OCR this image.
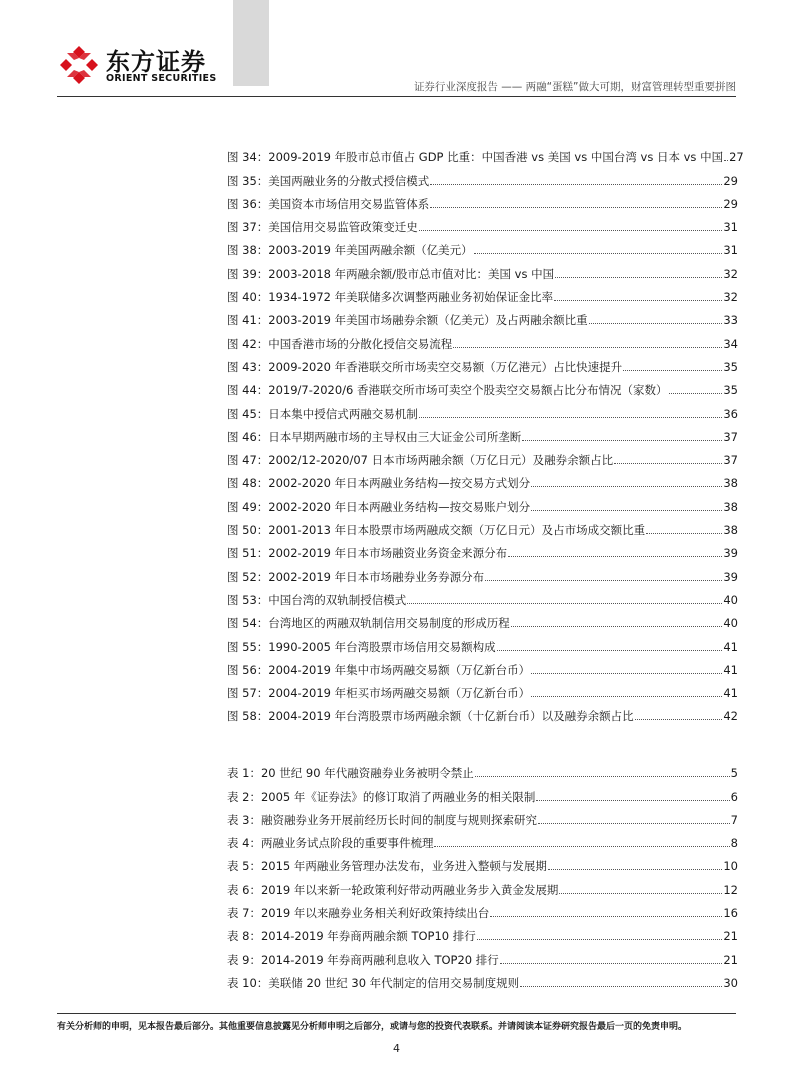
东方证券
ORIENT SECURITIES
证券行业深度报告 —— 两融“蛋糕”做大可期，财富管理转型重要拼图
图 34：2009-2019 年股市总市值占 GDP 比重：中国香港 vs 美国 vs 中国台湾 vs 日本 vs 中国 27
图 35：美国两融业务的分散式授信模式	29
图 36：美国资本市场信用交易监管体系	29
图 37：美国信用交易监管政策变迁史	31
图 38：2003-2019 年美国两融余额（亿美元）	31
图 39：2003-2018 年两融余额/股市总市值对比：美国 vs 中国	32
图 40：1934-1972 年美联储多次调整两融业务初始保证金比率	32
图 41：2003-2019 年美国市场融券余额（亿美元）及占两融余额比重	33
图 42：中国香港市场的分散化授信交易流程	34
图 43：2009-2020 年香港联交所市场卖空交易额（万亿港元）占比快速提升	35
图 44：2019/7-2020/6 香港联交所市场可卖空个股卖空交易额占比分布情况（家数）	35
图 45：日本集中授信式两融交易机制	36
图 46：日本早期两融市场的主导权由三大证金公司所垄断	37
图 47：2002/12-2020/07 日本市场两融余额（万亿日元）及融券余额占比	37
图 48：2002-2020 年日本两融业务结构—按交易方式划分	38
图 49：2002-2020 年日本两融业务结构—按交易账户划分	38
图 50：2001-2013 年日本股票市场两融成交额（万亿日元）及占市场成交额比重	38
图 51：2002-2019 年日本市场融资业务资金来源分布	39
图 52：2002-2019 年日本市场融券业务券源分布	39
图 53：中国台湾的双轨制授信模式	40
图 54：台湾地区的两融双轨制信用交易制度的形成历程	40
图 55：1990-2005 年台湾股票市场信用交易额构成	41
图 56：2004-2019 年集中市场两融交易额（万亿新台币）	41
图 57：2004-2019 年柜买市场两融交易额（万亿新台币）	41
图 58：2004-2019 年台湾股票市场两融余额（十亿新台币）以及融券余额占比	42
表 1：20 世纪 90 年代融资融券业务被明令禁止	5
表 2：2005 年《证券法》的修订取消了两融业务的相关限制	6
表 3：融资融券业务开展前经历长时间的制度与规则探索研究	7
表 4：两融业务试点阶段的重要事件梳理	8
表 5：2015 年两融业务管理办法发布，业务进入整顿与发展期	10
表 6：2019 年以来新一轮政策利好带动两融业务步入黄金发展期	12
表 7：2019 年以来融券业务相关利好政策持续出台	16
表 8：2014-2019 年券商两融余额 TOP10 排行	21
表 9：2014-2019 年券商两融利息收入 TOP20 排行	21
表 10：美联储 20 世纪 30 年代制定的信用交易制度规则	30
有关分析师的申明，见本报告最后部分。其他重要信息披露见分析师申明之后部分，或请与您的投资代表联系。并请阅读本证券研究报告最后一页的免责申明。
4
